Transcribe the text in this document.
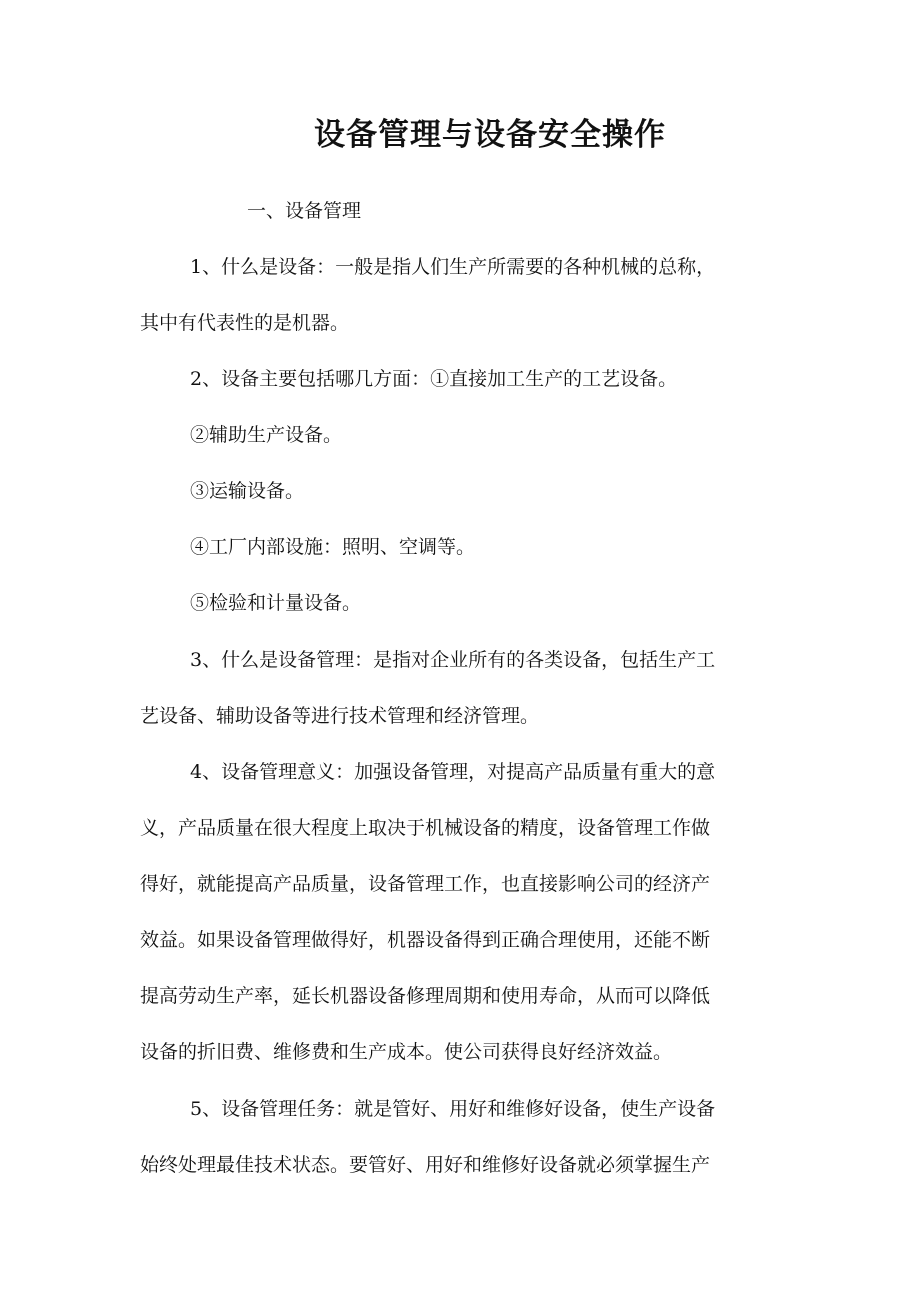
设备管理与设备安全操作

一、设备管理

1、什么是设备：一般是指人们生产所需要的各种机械的总称，

其中有代表性的是机器。

2、设备主要包括哪几方面：①直接加工生产的工艺设备。

②辅助生产设备。

③运输设备。

④工厂内部设施：照明、空调等。

⑤检验和计量设备。

3、什么是设备管理：是指对企业所有的各类设备，包括生产工

艺设备、辅助设备等进行技术管理和经济管理。

4、设备管理意义：加强设备管理，对提高产品质量有重大的意

义，产品质量在很大程度上取决于机械设备的精度，设备管理工作做

得好，就能提高产品质量，设备管理工作，也直接影响公司的经济产

效益。如果设备管理做得好，机器设备得到正确合理使用，还能不断

提高劳动生产率，延长机器设备修理周期和使用寿命，从而可以降低

设备的折旧费、维修费和生产成本。使公司获得良好经济效益。

5、设备管理任务：就是管好、用好和维修好设备，使生产设备

始终处理最佳技术状态。要管好、用好和维修好设备就必须掌握生产
